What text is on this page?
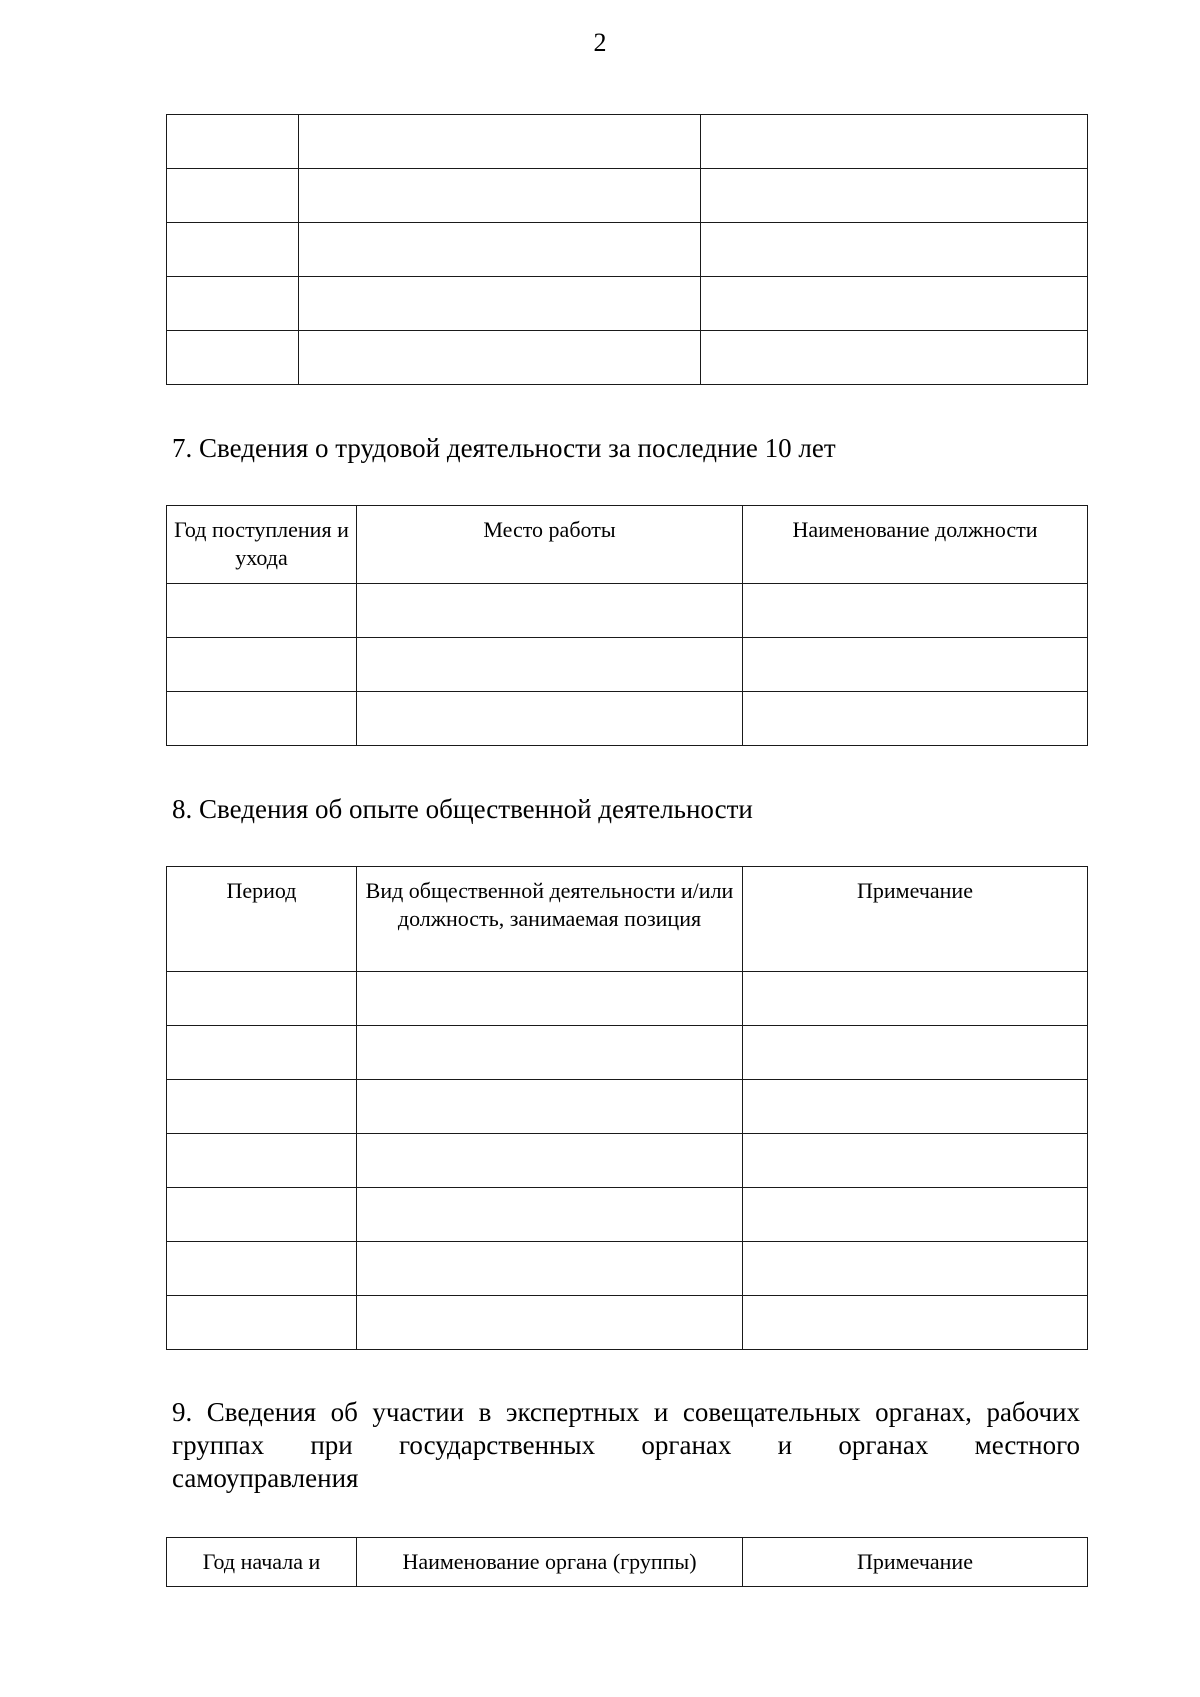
2

7. Сведения о трудовой деятельности за последние 10 лет

Год поступления и ухода	Место работы	Наименование должности

8. Сведения об опыте общественной деятельности

Период	Вид общественной деятельности и/или должность, занимаемая позиция	Примечание

9. Сведения об участии в экспертных и совещательных органах, рабочих
группах при государственных органах и органах местного
самоуправления
Год начала и	Наименование органа (группы)	Примечание
